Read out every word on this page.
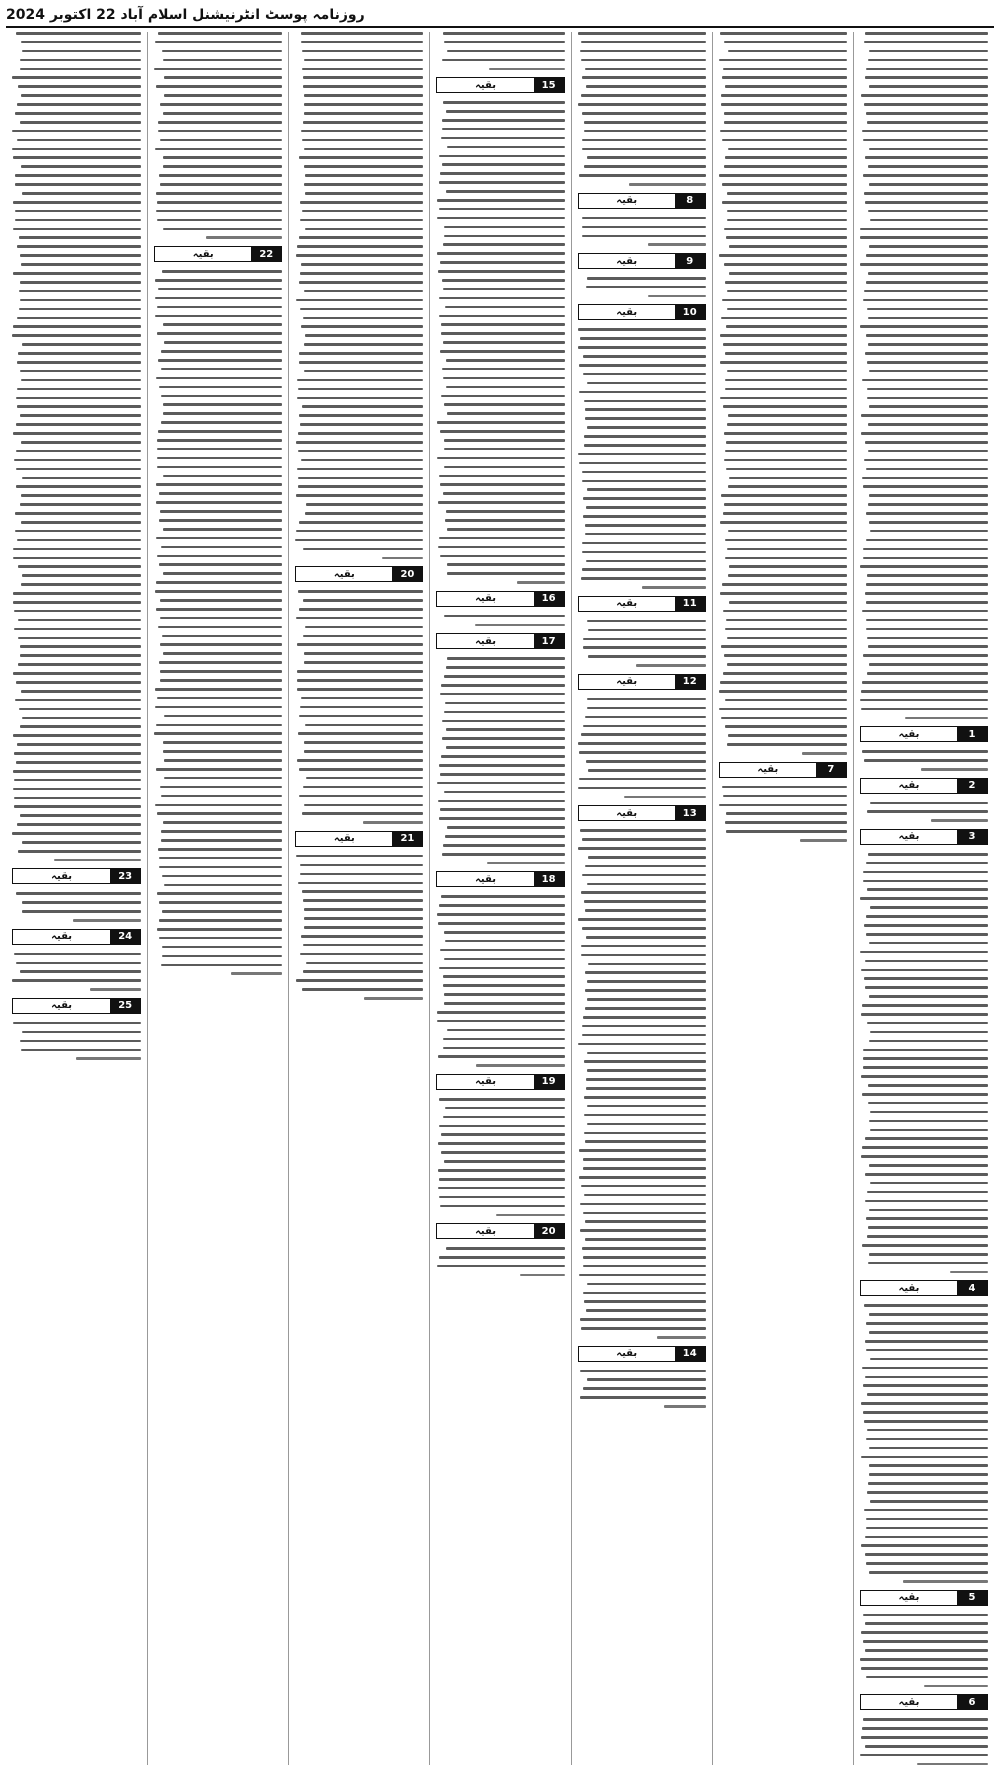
روزنامہ پوسٹ انٹرنیشنل اسلام آباد 22 اکتوبر 2024
بقیہ	1
بقیہ	2
بقیہ	3
بقیہ	4
بقیہ	5
بقیہ	6
بقیہ	7
بقیہ	8
بقیہ	9
بقیہ	10
بقیہ	11
بقیہ	12
بقیہ	13
بقیہ	14
بقیہ	15
بقیہ	16
بقیہ	17
بقیہ	18
بقیہ	19
بقیہ	20
بقیہ	20
بقیہ	21
بقیہ	22
بقیہ	23
بقیہ	24
بقیہ	25
